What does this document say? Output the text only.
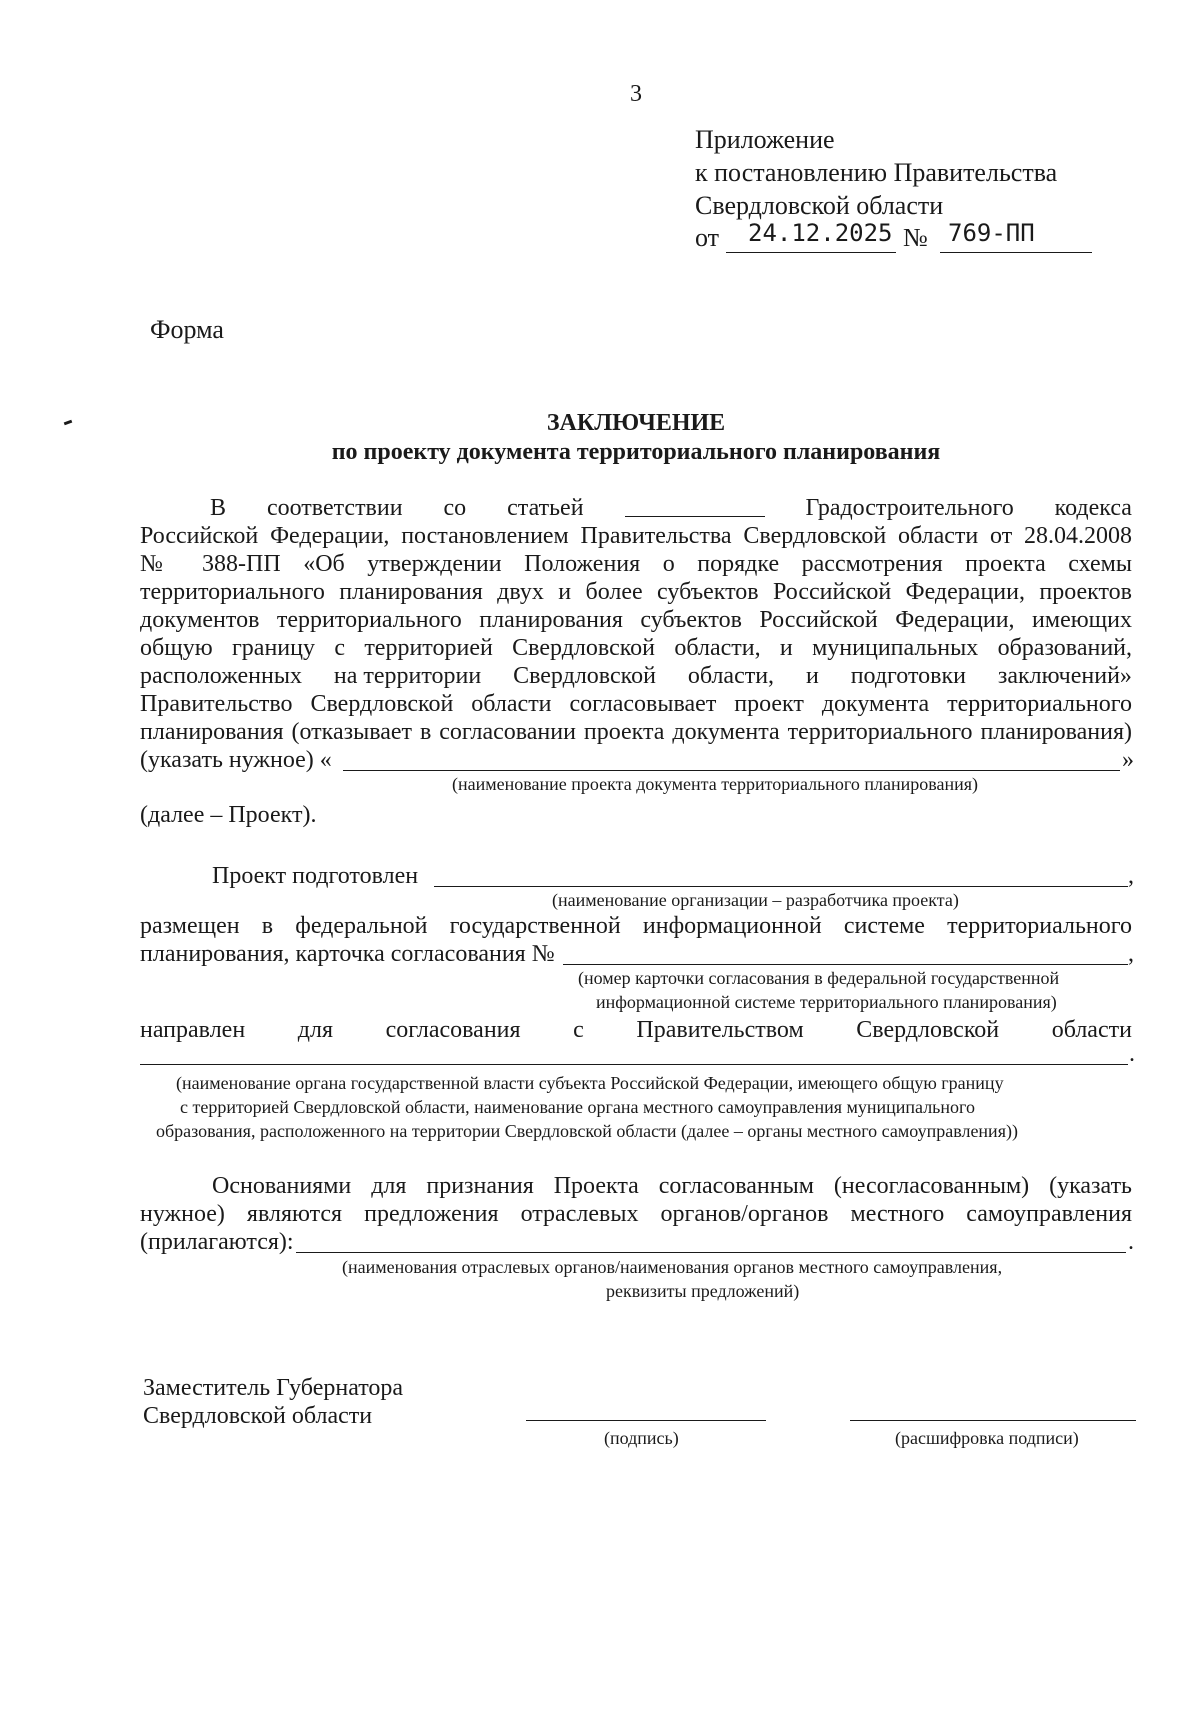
3
Приложение
к постановлению Правительства
Свердловской области
от 24.12.2025 № 769-ПП
Форма
ЗАКЛЮЧЕНИЕ
по проекту документа территориального планирования
В соответствии со статьей	Градостроительного кодекса
Российской Федерации, постановлением Правительства Свердловской области от 28.04.2008
№ 388-ПП «Об утверждении Положения о порядке рассмотрения проекта схемы
территориального планирования двух и более субъектов Российской Федерации, проектов
документов территориального планирования субъектов Российской Федерации, имеющих
общую границу с территорией Свердловской области, и муниципальных образований,
расположенных на территории Свердловской области, и подготовки заключений»
Правительство Свердловской области согласовывает проект документа территориального
планирования (отказывает в согласовании проекта документа территориального планирования)
(указать нужное) «	»
(наименование проекта документа территориального планирования)
(далее – Проект).
Проект подготовлен	,
(наименование организации – разработчика проекта)
размещен в федеральной государственной информационной системе территориального
планирования, карточка согласования №	,
(номер карточки согласования в федеральной государственной
информационной системе территориального планирования)
направлен для согласования с Правительством Свердловской области
.
(наименование органа государственной власти субъекта Российской Федерации, имеющего общую границу
с территорией Свердловской области, наименование органа местного самоуправления муниципального
образования, расположенного на территории Свердловской области (далее – органы местного самоуправления))
Основаниями для признания Проекта согласованным (несогласованным) (указать
нужное) являются предложения отраслевых органов/органов местного самоуправления
(прилагаются):	.
(наименования отраслевых органов/наименования органов местного самоуправления,
реквизиты предложений)
Заместитель Губернатора
Свердловской области
(подпись)	(расшифровка подписи)
